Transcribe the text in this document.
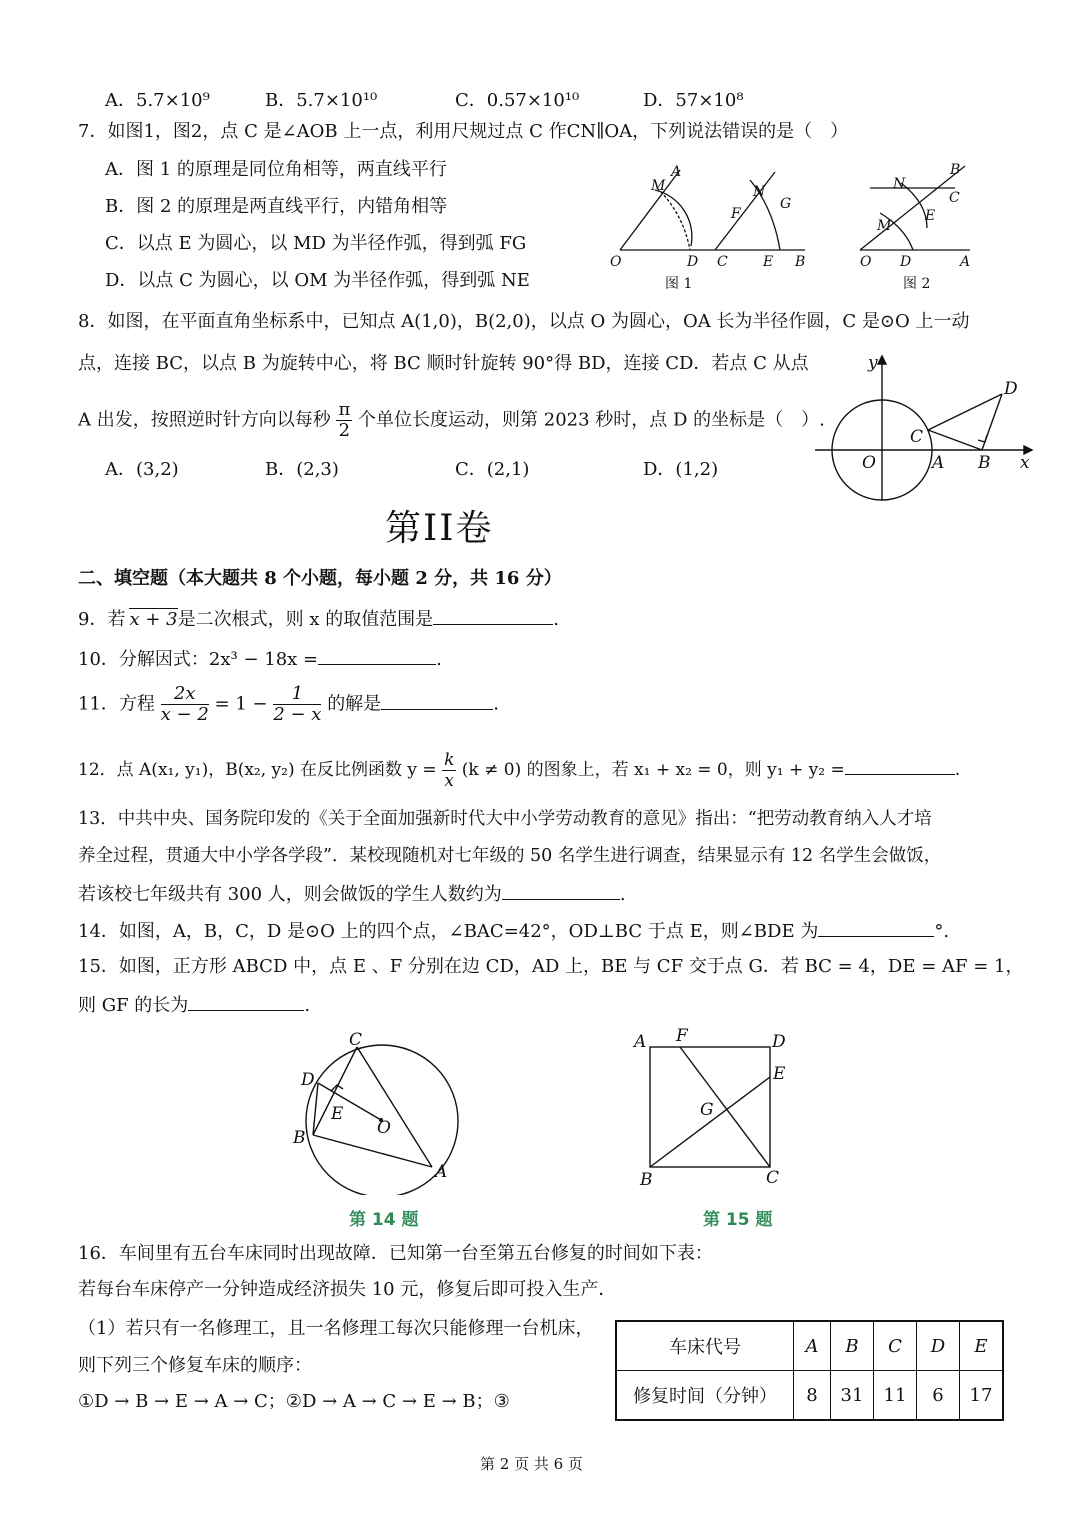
A．5.7×10⁹	B．5.7×10¹⁰	C．0.57×10¹⁰	D．57×10⁸
7．如图1，图2，点 C 是∠AOB 上一点，利用尺规过点 C 作CN∥OA，下列说法错误的是（　）
A．图 1 的原理是同位角相等，两直线平行
B．图 2 的原理是两直线平行，内错角相等
C．以点 E 为圆心，以 MD 为半径作弧，得到弧 FG
D．以点 C 为圆心，以 OM 为半径作弧，得到弧 NE
O	D
M
A
C	E B
N
F
G
O D	A
M
N
E
C
B
图 1	图 2
8．如图，在平面直角坐标系中，已知点 A(1,0)，B(2,0)，以点 O 为圆心，OA 长为半径作圆，C 是⊙O 上一动
点，连接 BC，以点 B 为旋转中心，将 BC 顺时针旋转 90°得 BD，连接 CD．若点 C 从点
A 出发，按照逆时针方向以每秒 $\frac{\pi}{2}$ 个单位长度运动，则第 2023 秒时，点 D 的坐标是（　）.
A．(3,2)	B．(2,3)	C．(2,1)	D．(1,2)
y
O	A B x
C
D
第II卷
二、填空题（本大题共 8 个小题，每小题 2 分，共 16 分）
9．若 x + 3是二次根式，则 x 的取值范围是	.
10．分解因式：2x³ − 18x =	.
11．方程 $\frac{2x}{x - 2} = 1 - \frac{1}{2 - x}$ 的解是	.
12．点 A(x₁, y₁)，B(x₂, y₂) 在反比例函数 $y = \frac{k}{x} (k \ne 0)$ 的图象上，若 x₁ + x₂ = 0，则 y₁ + y₂ =	.
13．中共中央、国务院印发的《关于全面加强新时代大中小学劳动教育的意见》指出：“把劳动教育纳入人才培
养全过程，贯通大中小学各学段”．某校现随机对七年级的 50 名学生进行调查，结果显示有 12 名学生会做饭，
若该校七年级共有 300 人，则会做饭的学生人数约为	.
14．如图，A，B，C，D 是⊙O 上的四个点，∠BAC=42°，OD⊥BC 于点 E，则∠BDE 为	°.
15．如图，正方形 ABCD 中，点 E 、F 分别在边 CD，AD 上，BE 与 CF 交于点 G．若 BC = 4，DE = AF = 1，
则 GF 的长为	.
C
D
E
O
B
A
第 14 题
A F	D
E
G
B	C
第 15 题
16．车间里有五台车床同时出现故障．已知第一台至第五台修复的时间如下表：
若每台车床停产一分钟造成经济损失 10 元，修复后即可投入生产．
（1）若只有一名修理工，且一名修理工每次只能修理一台机床，
则下列三个修复车床的顺序：
①D → B → E → A → C；②D → A → C → E → B；③
车床代号	A	B	C	D	E
修复时间（分钟）	8	31	11	6	17
第 2 页 共 6 页
